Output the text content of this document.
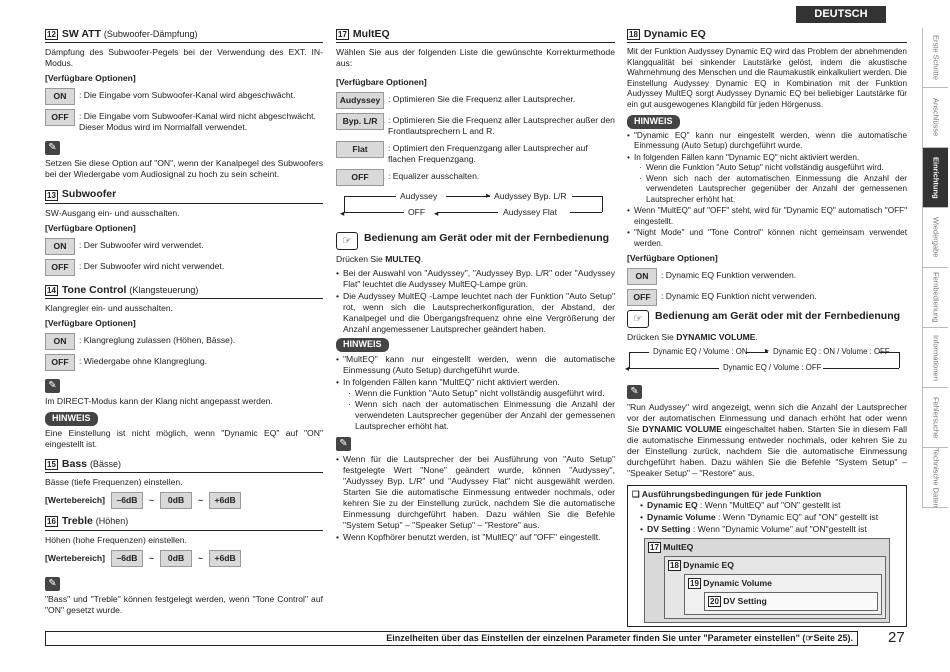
DEUTSCH
Erste Schritte
Anschlüsse
Einrichtung
Wiedergabe
Fernbedienung
Informationen
Fehlersuche
Technische Daten
12 SW ATT (Subwoofer-Dämpfung)

Dämpfung des Subwoofer-Pegels bei der Verwendung des EXT. IN-Modus.

[Verfügbare Optionen]
ON	: Die Eingabe vom Subwoofer-Kanal wird abgeschwächt.
OFF	: Die Eingabe vom Subwoofer-Kanal wird nicht abgeschwächt. Dieser Modus wird im Normalfall verwendet.
✎

Setzen Sie diese Option auf "ON", wenn der Kanalpegel des Subwoofers bei der Wiedergabe vom Audiosignal zu hoch zu sein scheint.

13 Subwoofer

SW-Ausgang ein- und ausschalten.

[Verfügbare Optionen]
ON	: Der Subwoofer wird verwendet.
OFF	: Der Subwoofer wird nicht verwendet.
14 Tone Control (Klangsteuerung)

Klangregler ein- und ausschalten.

[Verfügbare Optionen]
ON	: Klangreglung zulassen (Höhen, Bässe).
OFF	: Wiedergabe ohne Klangreglung.
✎

Im DIRECT-Modus kann der Klang nicht angepasst werden.

HINWEIS

Eine Einstellung ist nicht möglich, wenn "Dynamic EQ" auf "ON" eingestellt ist.

15 Bass (Bässe)

Bässe (tiefe Frequenzen) einstellen.

[Wertebereich]	–6dB	~	0dB	~	+6dB
16 Treble (Höhen)

Höhen (hohe Frequenzen) einstellen.

[Wertebereich]	–6dB	~	0dB	~	+6dB
✎

"Bass" und "Treble" können festgelegt werden, wenn "Tone Control" auf "ON" gesetzt wurde.

17 MultEQ

Wählen Sie aus der folgenden Liste die gewünschte Korrekturmethode aus:

[Verfügbare Optionen]
Audyssey : Optimieren Sie die Frequenz aller Lautsprecher.
Byp. L/R	: Optimieren Sie die Frequenz aller Lautsprecher außer den Frontlautsprechern L and R.
Flat	: Optimiert den Frequenzgang aller Lautsprecher auf flachen Frequenzgang.
OFF	: Equalizer ausschalten.
Audyssey	▸ Audyssey Byp. L/R
◂	OFF ◂	Audyssey Flat
☞	Bedienung am Gerät oder mit der Fernbedienung

Drücken Sie MULTEQ.

• Bei der Auswahl von "Audyssey", "Audyssey Byp. L/R" oder "Audyssey Flat" leuchtet die Audyssey MultEQ-Lampe grün.
• Die Audyssey MultEQ -Lampe leuchtet nach der Funktion "Auto Setup" rot, wenn sich die Lautsprecherkonfiguration, der Abstand, der Kanalpegel und die Übergangsfrequenz ohne eine Vergrößerung der Anzahl angemessener Lautsprecher geändert haben.
HINWEIS
• "MultEQ" kann nur eingestellt werden, wenn die automatische Einmessung (Auto Setup) durchgeführt wurde.
• In folgenden Fällen kann "MultEQ" nicht aktiviert werden.
· Wenn die Funktion "Auto Setup" nicht vollständig ausgeführt wird.
· Wenn sich nach der automatischen Einmessung die Anzahl der verwendeten Lautsprecher gegenüber der Anzahl der gemessenen Lautsprecher erhöht hat.
✎
• Wenn für die Lautsprecher der bei Ausführung von "Auto Setup" festgelegte Wert "None" geändert wurde, können "Audyssey", "Audyssey Byp. L/R" und "Audyssey Flat" nicht ausgewählt werden. Starten Sie die automatische Einmessung entweder nochmals, oder kehren Sie zu der Einstellung zurück, nachdem Sie die automatische Einmessung durchgeführt haben. Dazu wählen Sie die Befehle "System Setup" – "Speaker Setup" – "Restore" aus.
• Wenn Kopfhörer benutzt werden, ist "MultEQ" auf "OFF" eingestellt.
18 Dynamic EQ

Mit der Funktion Audyssey Dynamic EQ wird das Problem der abnehmenden Klangqualität bei sinkender Lautstärke gelöst, indem die akustische Wahrnehmung des Menschen und die Raumakustik einkalkuliert werden. Die Einstellung Audyssey Dynamic EQ in Kombination mit der Funktion Audyssey MultEQ sorgt Audyssey Dynamic EQ bei beliebiger Lautstärke für ein gut ausgewogenes Klangbild für jeden Hörgenuss.

HINWEIS
• "Dynamic EQ" kann nur eingestellt werden, wenn die automatische Einmessung (Auto Setup) durchgeführt wurde.
• In folgenden Fällen kann "Dynamic EQ" nicht aktiviert werden.
· Wenn die Funktion "Auto Setup" nicht vollständig ausgeführt wird.
· Wenn sich nach der automatischen Einmessung die Anzahl der verwendeten Lautsprecher gegenüber der Anzahl der gemessenen Lautsprecher erhöht hat.
• Wenn "MultEQ" auf "OFF" steht, wird für "Dynamic EQ" automatisch "OFF" eingestellt.
• "Night Mode" und "Tone Control" können nicht gemeinsam verwendet werden.
[Verfügbare Optionen]
ON	: Dynamic EQ Funktion verwenden.
OFF	: Dynamic EQ Funktion nicht verwenden.
☞	Bedienung am Gerät oder mit der Fernbedienung

Drücken Sie DYNAMIC VOLUME.

Dynamic EQ / Volume : ON ▸ Dynamic EQ : ON / Volume : OFF
◂	Dynamic EQ / Volume : OFF
✎

"Run Audyssey" wird angezeigt, wenn sich die Anzahl der Lautsprecher vor der automatischen Einmessung und danach erhöht hat oder wenn Sie DYNAMIC VOLUME eingeschaltet haben. Starten Sie in diesem Fall die automatische Einmessung entweder nochmals, oder kehren Sie zu der Einstellung zurück, nachdem Sie die automatische Einmessung durchgeführt haben. Dazu wählen Sie die Befehle "System Setup" – "Speaker Setup" – "Restore" aus.

❑ Ausführungsbedingungen für jede Funktion
• Dynamic EQ : Wenn "MultEQ" auf "ON" gestellt ist
• Dynamic Volume : Wenn "Dynamic EQ" auf "ON" gestellt ist
• DV Setting : Wenn "Dynamic Volume" auf "ON"gestellt ist
17 MultEQ
18 Dynamic EQ
19 Dynamic Volume
20 DV Setting
Einzelheiten über das Einstellen der einzelnen Parameter finden Sie unter "Parameter einstellen" (☞Seite 25).	27
